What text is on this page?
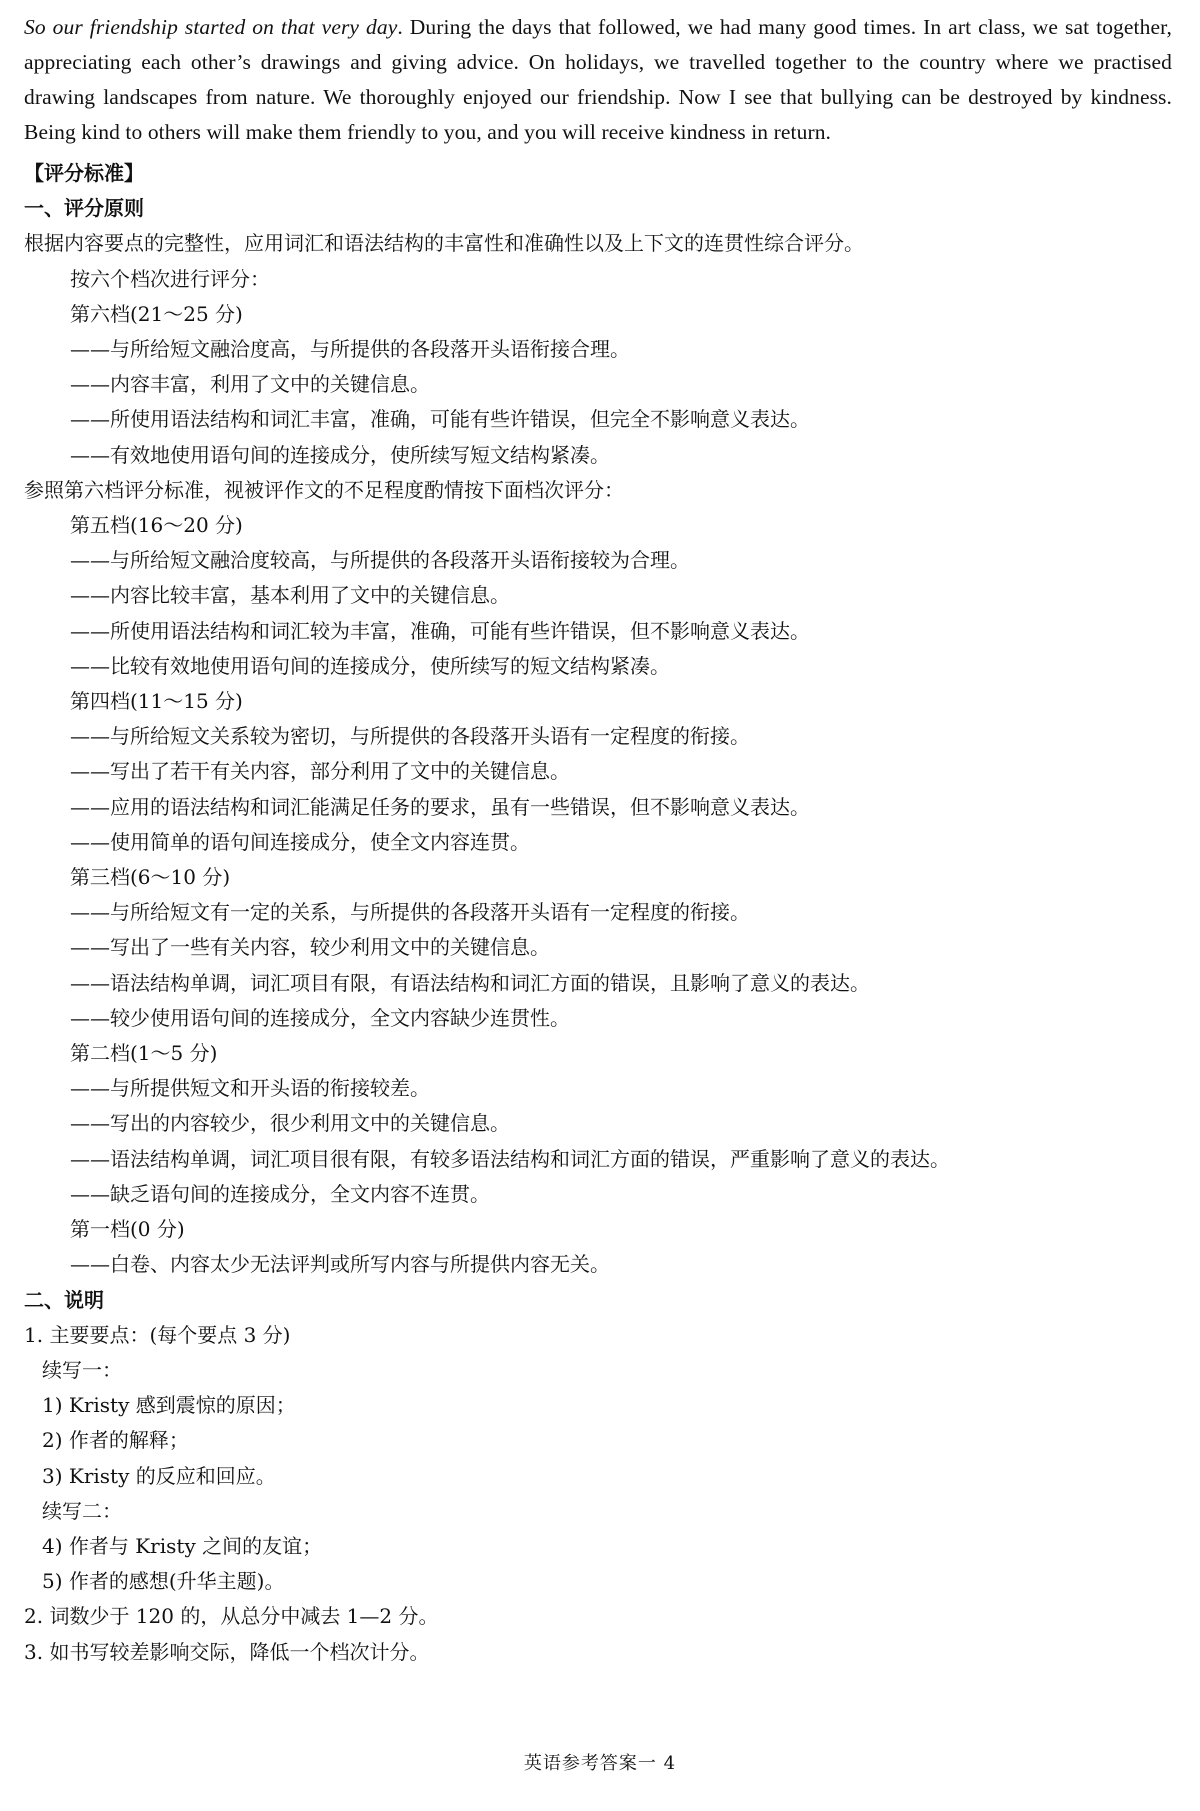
So our friendship started on that very day. During the days that followed, we had many good times. In art class, we sat together, appreciating each other’s drawings and giving advice. On holidays, we travelled together to the country where we practised drawing landscapes from nature. We thoroughly enjoyed our friendship. Now I see that bullying can be destroyed by kindness. Being kind to others will make them friendly to you, and you will receive kindness in return.

【评分标准】
一、评分原则
根据内容要点的完整性，应用词汇和语法结构的丰富性和准确性以及上下文的连贯性综合评分。
按六个档次进行评分：
第六档(21～25 分)
——与所给短文融洽度高，与所提供的各段落开头语衔接合理。
——内容丰富，利用了文中的关键信息。
——所使用语法结构和词汇丰富，准确，可能有些许错误，但完全不影响意义表达。
——有效地使用语句间的连接成分，使所续写短文结构紧凑。
参照第六档评分标准，视被评作文的不足程度酌情按下面档次评分：
第五档(16～20 分)
——与所给短文融洽度较高，与所提供的各段落开头语衔接较为合理。
——内容比较丰富，基本利用了文中的关键信息。
——所使用语法结构和词汇较为丰富，准确，可能有些许错误，但不影响意义表达。
——比较有效地使用语句间的连接成分，使所续写的短文结构紧凑。
第四档(11～15 分)
——与所给短文关系较为密切，与所提供的各段落开头语有一定程度的衔接。
——写出了若干有关内容，部分利用了文中的关键信息。
——应用的语法结构和词汇能满足任务的要求，虽有一些错误，但不影响意义表达。
——使用简单的语句间连接成分，使全文内容连贯。
第三档(6～10 分)
——与所给短文有一定的关系，与所提供的各段落开头语有一定程度的衔接。
——写出了一些有关内容，较少利用文中的关键信息。
——语法结构单调，词汇项目有限，有语法结构和词汇方面的错误，且影响了意义的表达。
——较少使用语句间的连接成分，全文内容缺少连贯性。
第二档(1～5 分)
——与所提供短文和开头语的衔接较差。
——写出的内容较少，很少利用文中的关键信息。
——语法结构单调，词汇项目很有限，有较多语法结构和词汇方面的错误，严重影响了意义的表达。
——缺乏语句间的连接成分，全文内容不连贯。
第一档(0 分)
——白卷、内容太少无法评判或所写内容与所提供内容无关。
二、说明
1. 主要要点：(每个要点 3 分)
续写一：
1) Kristy 感到震惊的原因；
2) 作者的解释；
3) Kristy 的反应和回应。
续写二：
4) 作者与 Kristy 之间的友谊；
5) 作者的感想(升华主题)。
2. 词数少于 120 的，从总分中减去 1—2 分。
3. 如书写较差影响交际，降低一个档次计分。
英语参考答案一 4
